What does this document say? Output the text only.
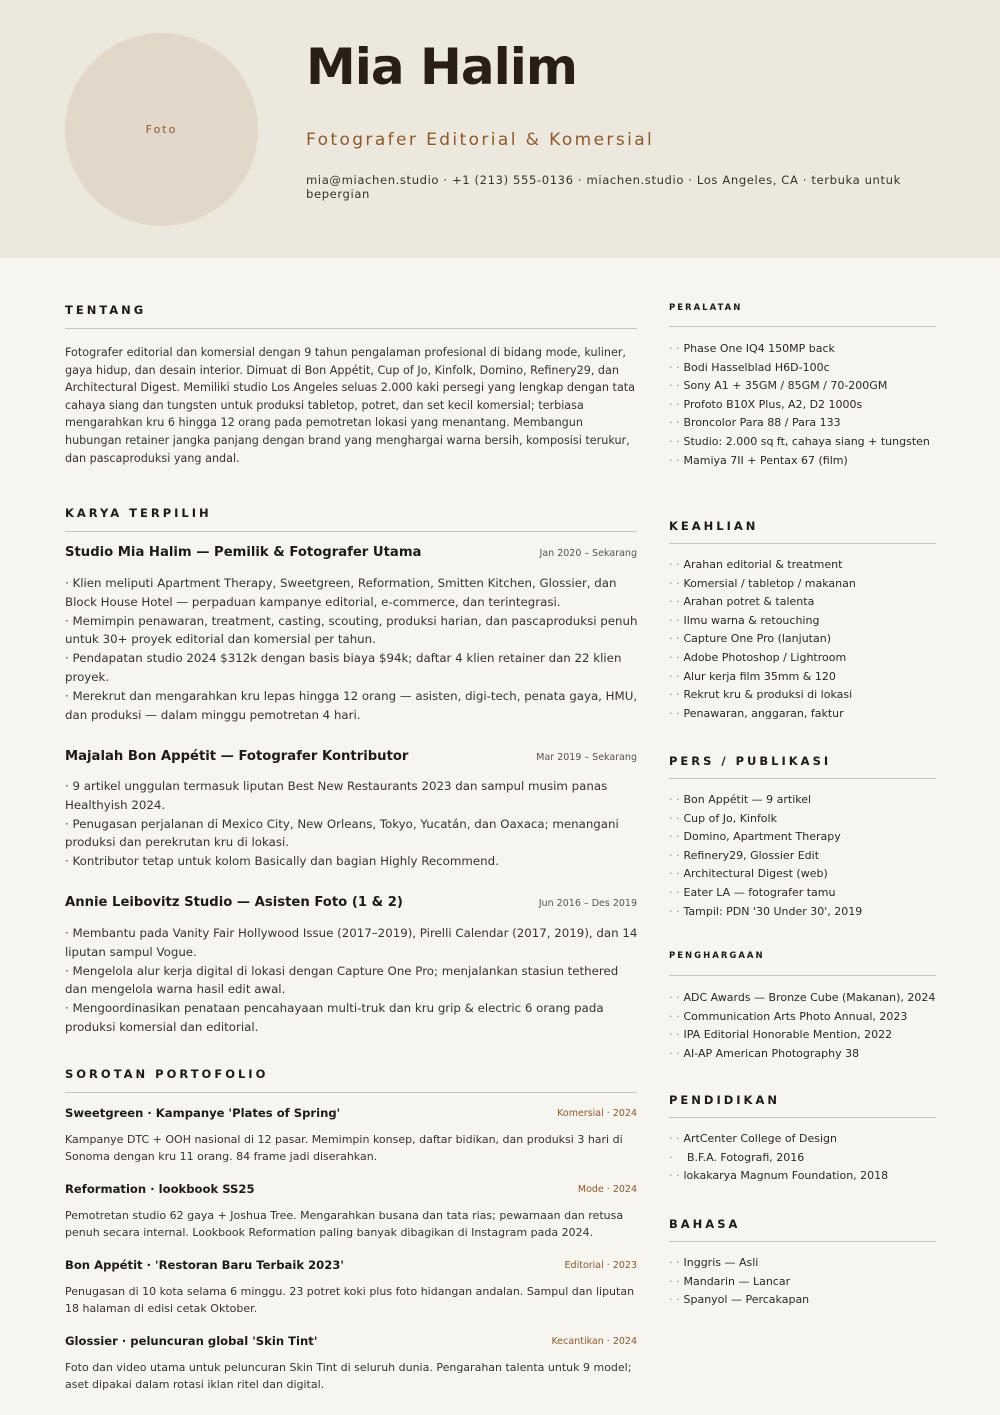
Foto
Mia Halim
Fotografer Editorial & Komersial
mia@miachen.studio · +1 (213) 555-0136 · miachen.studio · Los Angeles, CA · terbuka untuk bepergian
TENTANG
Fotografer editorial dan komersial dengan 9 tahun pengalaman profesional di bidang mode, kuliner, gaya hidup, dan desain interior. Dimuat di Bon Appétit, Cup of Jo, Kinfolk, Domino, Refinery29, dan Architectural Digest. Memiliki studio Los Angeles seluas 2.000 kaki persegi yang lengkap dengan tata cahaya siang dan tungsten untuk produksi tabletop, potret, dan set kecil komersial; terbiasa mengarahkan kru 6 hingga 12 orang pada pemotretan lokasi yang menantang. Membangun hubungan retainer jangka panjang dengan brand yang menghargai warna bersih, komposisi terukur, dan pascaproduksi yang andal.
KARYA TERPILIH
Studio Mia Halim — Pemilik & Fotografer Utama	Jan 2020 – Sekarang
· Klien meliputi Apartment Therapy, Sweetgreen, Reformation, Smitten Kitchen, Glossier, dan Block House Hotel — perpaduan kampanye editorial, e-commerce, dan terintegrasi.
· Memimpin penawaran, treatment, casting, scouting, produksi harian, dan pascaproduksi penuh untuk 30+ proyek editorial dan komersial per tahun.
· Pendapatan studio 2024 $312k dengan basis biaya $94k; daftar 4 klien retainer dan 22 klien proyek.
· Merekrut dan mengarahkan kru lepas hingga 12 orang — asisten, digi-tech, penata gaya, HMU, dan produksi — dalam minggu pemotretan 4 hari.
Majalah Bon Appétit — Fotografer Kontributor	Mar 2019 – Sekarang
· 9 artikel unggulan termasuk liputan Best New Restaurants 2023 dan sampul musim panas Healthyish 2024.
· Penugasan perjalanan di Mexico City, New Orleans, Tokyo, Yucatán, dan Oaxaca; menangani produksi dan perekrutan kru di lokasi.
· Kontributor tetap untuk kolom Basically dan bagian Highly Recommend.
Annie Leibovitz Studio — Asisten Foto (1 & 2)	Jun 2016 – Des 2019
· Membantu pada Vanity Fair Hollywood Issue (2017–2019), Pirelli Calendar (2017, 2019), dan 14 liputan sampul Vogue.
· Mengelola alur kerja digital di lokasi dengan Capture One Pro; menjalankan stasiun tethered dan mengelola warna hasil edit awal.
· Mengoordinasikan penataan pencahayaan multi-truk dan kru grip & electric 6 orang pada produksi komersial dan editorial.
SOROTAN PORTOFOLIO
Sweetgreen · Kampanye 'Plates of Spring'	Komersial · 2024
Kampanye DTC + OOH nasional di 12 pasar. Memimpin konsep, daftar bidikan, dan produksi 3 hari di Sonoma dengan kru 11 orang. 84 frame jadi diserahkan.
Reformation · lookbook SS25	Mode · 2024
Pemotretan studio 62 gaya + Joshua Tree. Mengarahkan busana dan tata rias; pewarnaan dan retusa penuh secara internal. Lookbook Reformation paling banyak dibagikan di Instagram pada 2024.
Bon Appétit · 'Restoran Baru Terbaik 2023'	Editorial · 2023
Penugasan di 10 kota selama 6 minggu. 23 potret koki plus foto hidangan andalan. Sampul dan liputan 18 halaman di edisi cetak Oktober.
Glossier · peluncuran global 'Skin Tint'	Kecantikan · 2024
Foto dan video utama untuk peluncuran Skin Tint di seluruh dunia. Pengarahan talenta untuk 9 model; aset dipakai dalam rotasi iklan ritel dan digital.
PERALATAN
· · Phase One IQ4 150MP back
· · Bodi Hasselblad H6D-100c
· · Sony A1 + 35GM / 85GM / 70-200GM
· · Profoto B10X Plus, A2, D2 1000s
· · Broncolor Para 88 / Para 133
· · Studio: 2.000 sq ft, cahaya siang + tungsten
· · Mamiya 7II + Pentax 67 (film)
KEAHLIAN
· · Arahan editorial & treatment
· · Komersial / tabletop / makanan
· · Arahan potret & talenta
· · Ilmu warna & retouching
· · Capture One Pro (lanjutan)
· · Adobe Photoshop / Lightroom
· · Alur kerja film 35mm & 120
· · Rekrut kru & produksi di lokasi
· · Penawaran, anggaran, faktur
PERS / PUBLIKASI
· · Bon Appétit — 9 artikel
· · Cup of Jo, Kinfolk
· · Domino, Apartment Therapy
· · Refinery29, Glossier Edit
· · Architectural Digest (web)
· · Eater LA — fotografer tamu
· · Tampil: PDN '30 Under 30', 2019
PENGHARGAAN
· · ADC Awards — Bronze Cube (Makanan), 2024
· · Communication Arts Photo Annual, 2023
· · IPA Editorial Honorable Mention, 2022
· · AI-AP American Photography 38
PENDIDIKAN
· · ArtCenter College of Design
·   B.F.A. Fotografi, 2016
· · lokakarya Magnum Foundation, 2018
BAHASA
· · Inggris — Asli
· · Mandarin — Lancar
· · Spanyol — Percakapan
